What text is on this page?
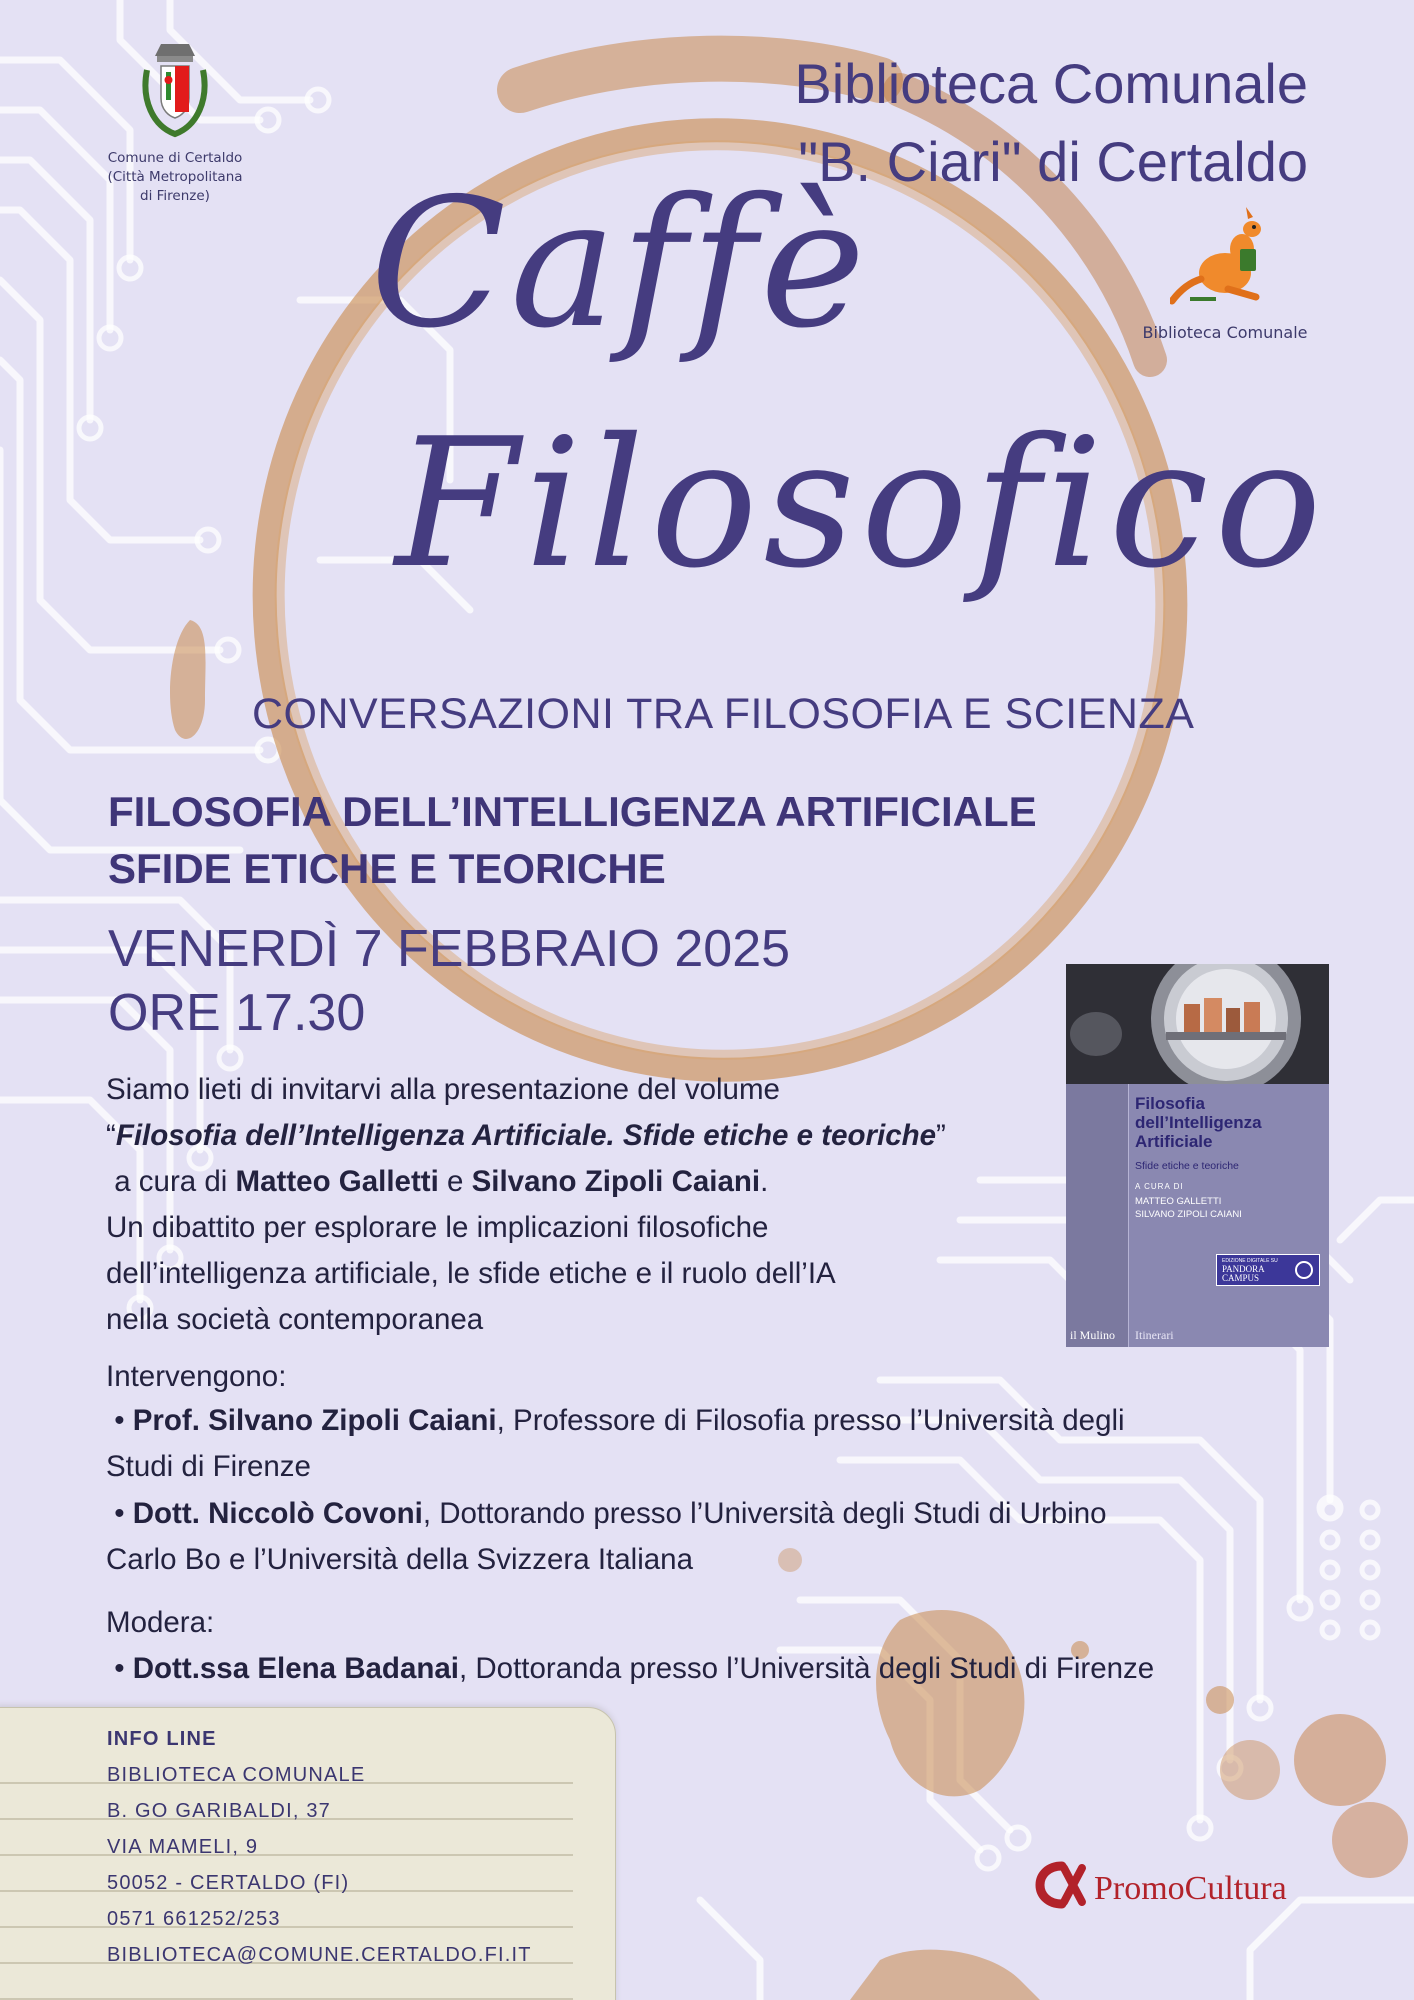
Comune di Certaldo
(Città Metropolitana
di Firenze)
Biblioteca Comunale
"B. Ciari" di Certaldo
Biblioteca Comunale
Caffè
Filosofico
CONVERSAZIONI TRA FILOSOFIA E SCIENZA
FILOSOFIA DELL’INTELLIGENZA ARTIFICIALE
SFIDE ETICHE E TEORICHE
VENERDÌ 7 FEBBRAIO 2025
ORE 17.30
Siamo lieti di invitarvi alla presentazione del volume
“Filosofia dell’Intelligenza Artificiale. Sfide etiche e teoriche”
a cura di Matteo Galletti e Silvano Zipoli Caiani.
Un dibattito per esplorare le implicazioni filosofiche
dell’intelligenza artificiale, le sfide etiche e il ruolo dell’IA
nella società contemporanea
Filosofia
dell’Intelligenza
Artificiale
Sfide etiche e teoriche
A CURA DI
MATTEO GALLETTI
SILVANO ZIPOLI CAIANI
EDIZIONE DIGITALE SU
PANDORA
CAMPUS
il Mulino Itinerari
Intervengono:
• Prof. Silvano Zipoli Caiani, Professore di Filosofia presso l’Università degli
Studi di Firenze
• Dott. Niccolò Covoni, Dottorando presso l’Università degli Studi di Urbino
Carlo Bo e l’Università della Svizzera Italiana
Modera:
• Dott.ssa Elena Badanai, Dottoranda presso l’Università degli Studi di Firenze
INFO LINE
BIBLIOTECA COMUNALE
B. GO GARIBALDI, 37
VIA MAMELI, 9
50052 - CERTALDO (FI)
0571 661252/253
BIBLIOTECA@COMUNE.CERTALDO.FI.IT
PromoCultura
